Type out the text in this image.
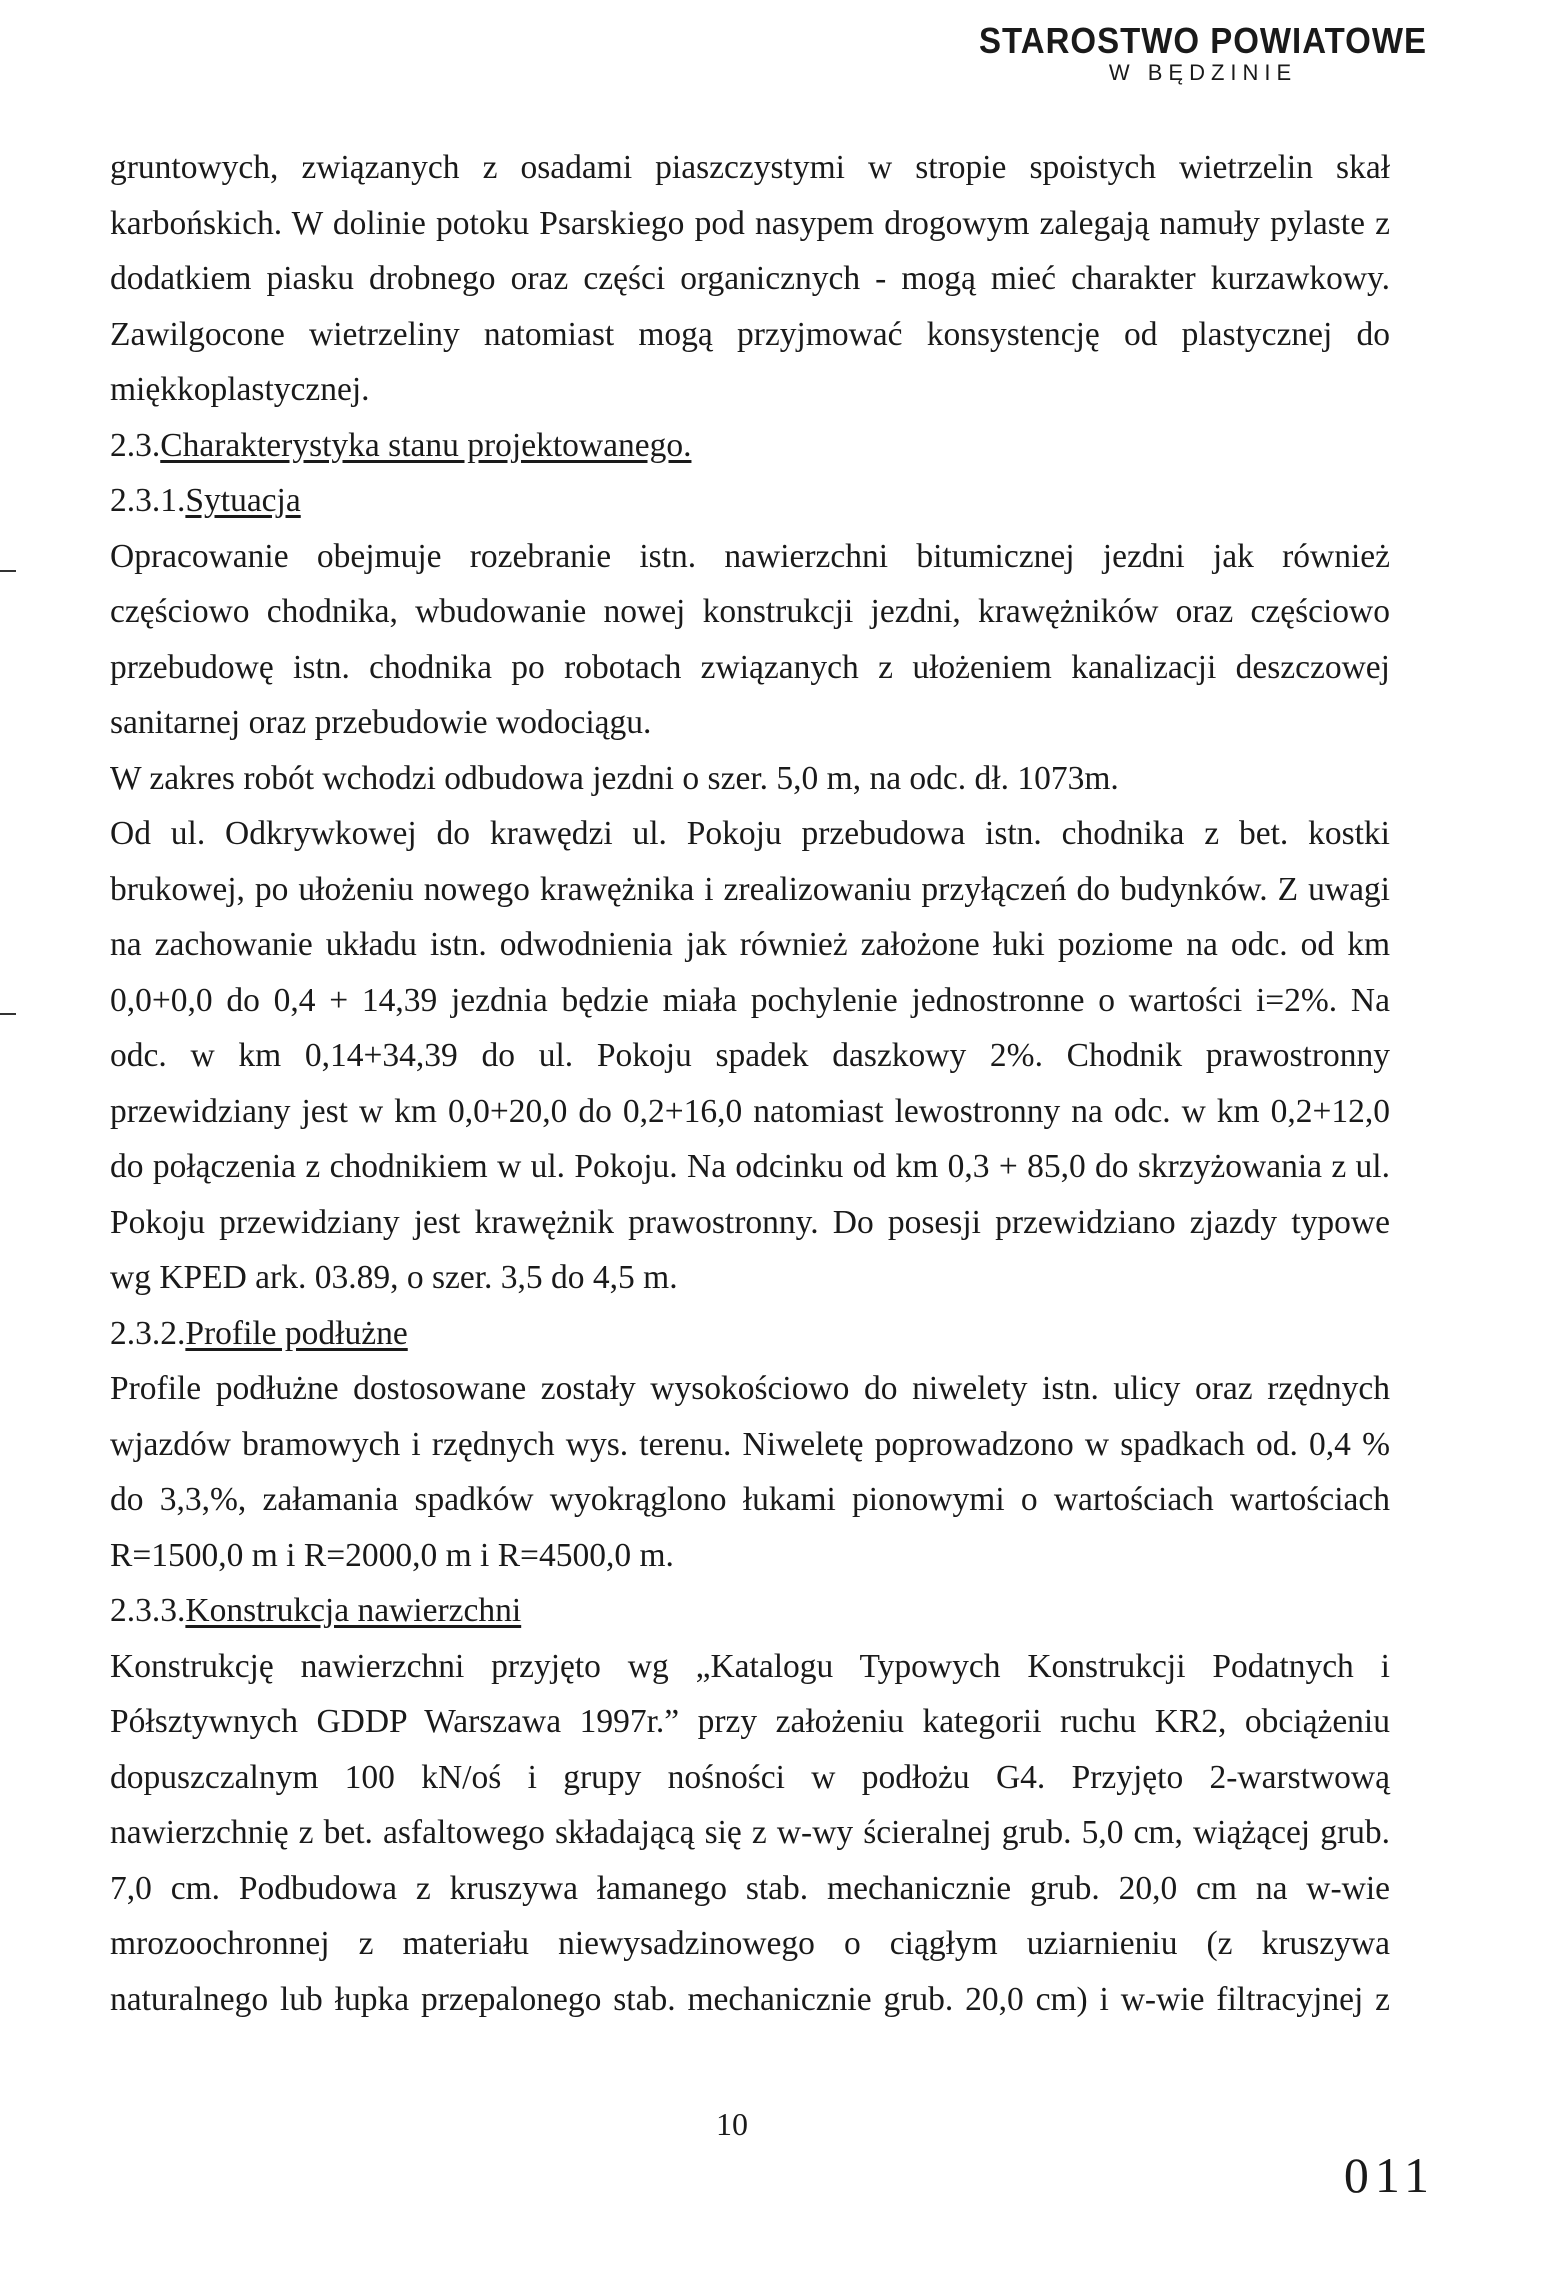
STAROSTWO POWIATOWE
W BĘDZINIE

gruntowych, związanych z osadami piaszczystymi w stropie spoistych wietrzelin skał

karbońskich. W dolinie potoku Psarskiego pod nasypem drogowym zalegają namuły pylaste z

dodatkiem piasku drobnego oraz części organicznych - mogą mieć charakter kurzawkowy.

Zawilgocone wietrzeliny natomiast mogą przyjmować konsystencję od plastycznej do

miękkoplastycznej.

2.3.Charakterystyka stanu projektowanego.
2.3.1.Sytuacja

Opracowanie obejmuje rozebranie istn. nawierzchni bitumicznej jezdni jak również

częściowo chodnika, wbudowanie nowej konstrukcji jezdni, krawężników oraz częściowo

przebudowę istn. chodnika po robotach związanych z ułożeniem kanalizacji deszczowej

sanitarnej oraz przebudowie wodociągu.

W zakres robót wchodzi odbudowa jezdni o szer. 5,0 m, na odc. dł. 1073m.

Od ul. Odkrywkowej do krawędzi ul. Pokoju przebudowa istn. chodnika z bet. kostki

brukowej, po ułożeniu nowego krawężnika i zrealizowaniu przyłączeń do budynków. Z uwagi

na zachowanie układu istn. odwodnienia jak również założone łuki poziome na odc. od km

0,0+0,0 do 0,4 + 14,39 jezdnia będzie miała pochylenie jednostronne o wartości i=2%. Na

odc. w km 0,14+34,39 do ul. Pokoju spadek daszkowy 2%. Chodnik prawostronny

przewidziany jest w km 0,0+20,0 do 0,2+16,0 natomiast lewostronny na odc. w km 0,2+12,0

do połączenia z chodnikiem w ul. Pokoju. Na odcinku od km 0,3 + 85,0 do skrzyżowania z ul.

Pokoju przewidziany jest krawężnik prawostronny. Do posesji przewidziano zjazdy typowe

wg KPED ark. 03.89, o szer. 3,5 do 4,5 m.

2.3.2.Profile podłużne

Profile podłużne dostosowane zostały wysokościowo do niwelety istn. ulicy oraz rzędnych

wjazdów bramowych i rzędnych wys. terenu. Niweletę poprowadzono w spadkach od. 0,4 %

do 3,3,%, załamania spadków wyokrąglono łukami pionowymi o wartościach wartościach

R=1500,0 m i R=2000,0 m i R=4500,0 m.

2.3.3.Konstrukcja nawierzchni

Konstrukcję nawierzchni przyjęto wg „Katalogu Typowych Konstrukcji Podatnych i

Półsztywnych GDDP Warszawa 1997r.” przy założeniu kategorii ruchu KR2, obciążeniu

dopuszczalnym 100 kN/oś i grupy nośności w podłożu G4. Przyjęto 2-warstwową

nawierzchnię z bet. asfaltowego składającą się z w-wy ścieralnej grub. 5,0 cm, wiążącej grub.

7,0 cm. Podbudowa z kruszywa łamanego stab. mechanicznie grub. 20,0 cm na w-wie

mrozoochronnej z materiału niewysadzinowego o ciągłym uziarnieniu (z kruszywa

naturalnego lub łupka przepalonego stab. mechanicznie grub. 20,0 cm) i w-wie filtracyjnej z

10
011
